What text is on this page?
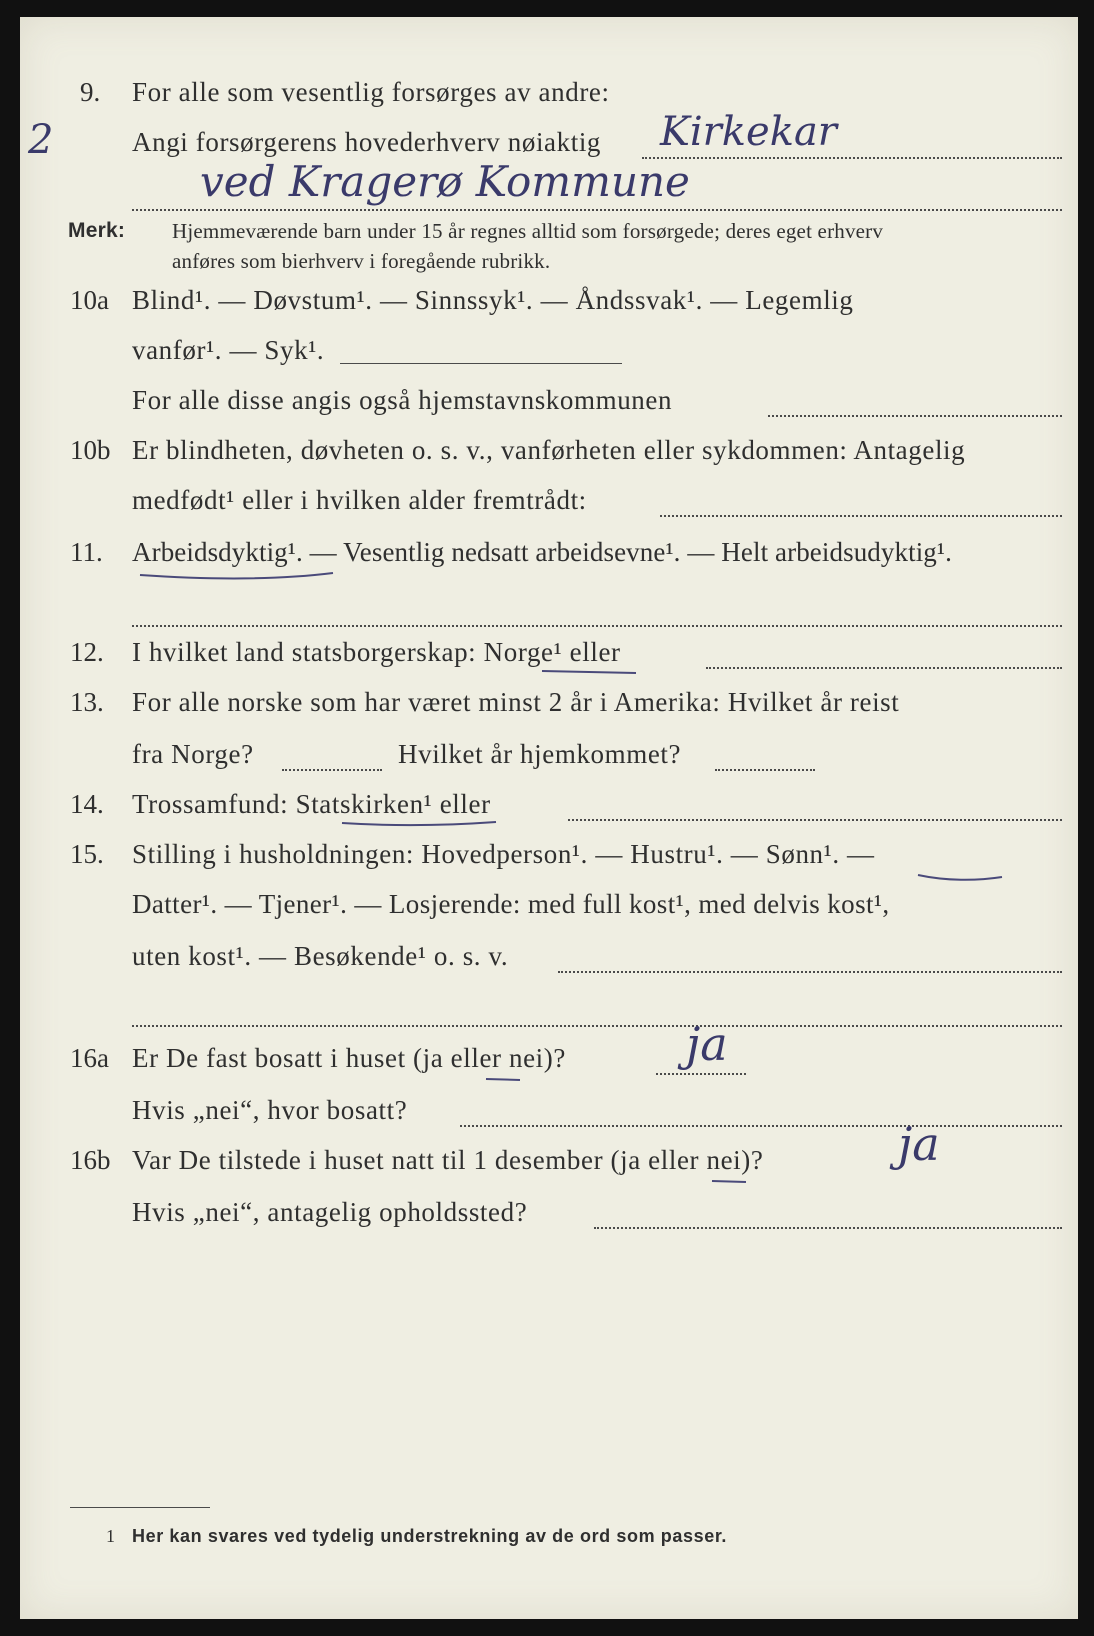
9. For alle som vesentlig forsørges av andre:
2	Angi forsørgerens hovederhverv nøiaktig Kirkekar
ved Kragerø Kommune
Merk: Hjemmeværende barn under 15 år regnes alltid som forsørgede; deres eget erhverv
anføres som bierhverv i foregående rubrikk.
10a Blind¹. — Døvstum¹. — Sinnssyk¹. — Åndssvak¹. — Legemlig
vanfør¹. — Syk¹.
For alle disse angis også hjemstavnskommunen
10b Er blindheten, døvheten o. s. v., vanførheten eller sykdommen: Antagelig
medfødt¹ eller i hvilken alder fremtrådt:
11. Arbeidsdyktig¹. — Vesentlig nedsatt arbeidsevne¹. — Helt arbeidsudyktig¹.
12. I hvilket land statsborgerskap: Norge¹ eller
13. For alle norske som har været minst 2 år i Amerika: Hvilket år reist
fra Norge?	Hvilket år hjemkommet?
14. Trossamfund: Statskirken¹ eller
15. Stilling i husholdningen: Hovedperson¹. — Hustru¹. — Sønn¹. —
Datter¹. — Tjener¹. — Losjerende: med full kost¹, med delvis kost¹,
uten kost¹. — Besøkende¹ o. s. v.
16a Er De fast bosatt i huset (ja eller nei)?	ja
Hvis „nei“, hvor bosatt?
16b Var De tilstede i huset natt til 1 desember (ja eller nei)?	ja
Hvis „nei“, antagelig opholdssted?
1 Her kan svares ved tydelig understrekning av de ord som passer.
